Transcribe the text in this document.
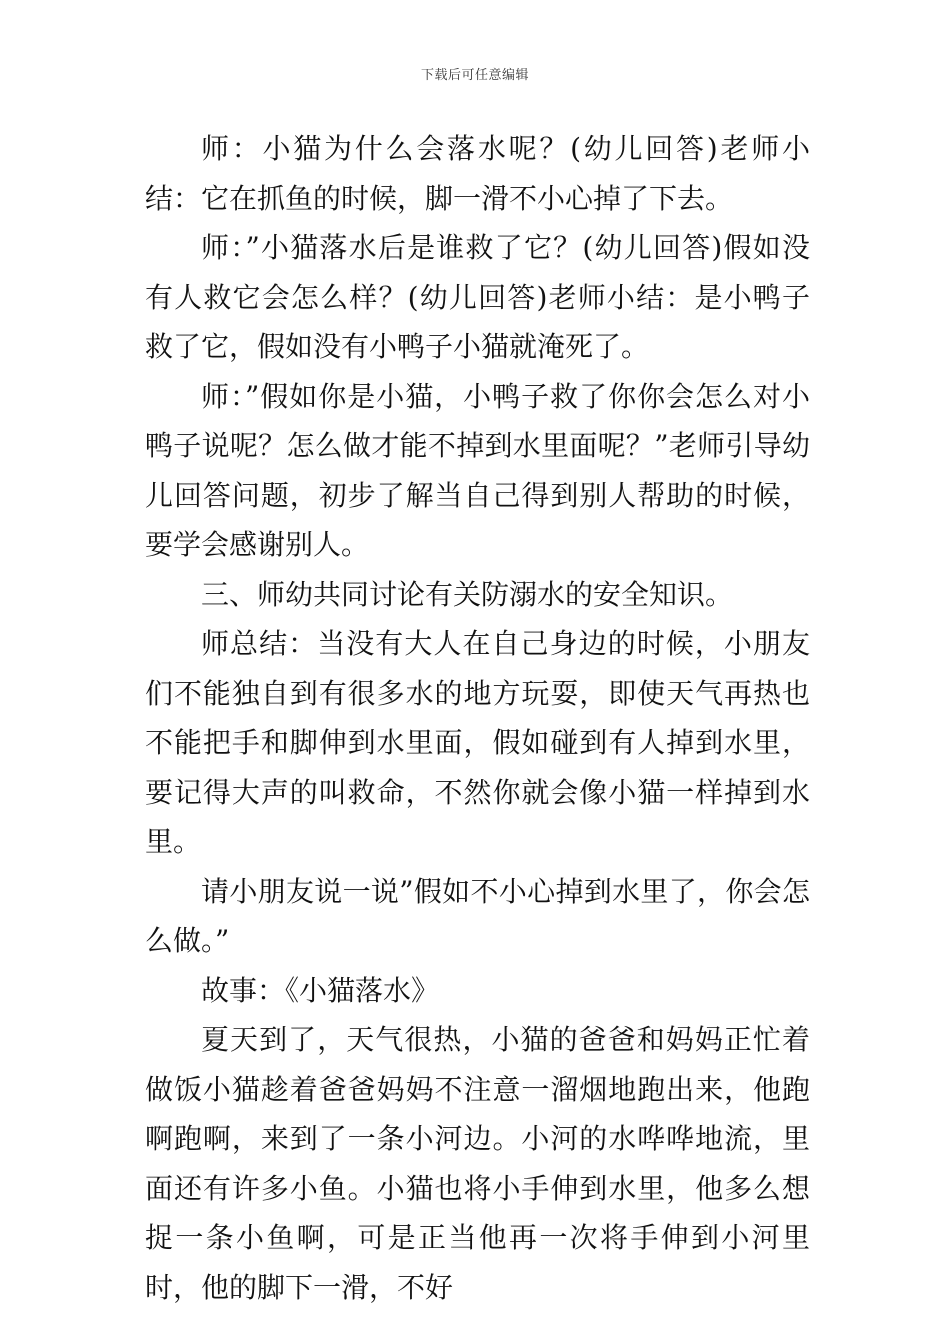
下载后可任意编辑

师：小猫为什么会落水呢？(幼儿回答)老师小结：它在抓鱼的时候，脚一滑不小心掉了下去。

师：”小猫落水后是谁救了它？(幼儿回答)假如没有人救它会怎么样？(幼儿回答)老师小结：是小鸭子救了它，假如没有小鸭子小猫就淹死了。

师：”假如你是小猫，小鸭子救了你你会怎么对小鸭子说呢？怎么做才能不掉到水里面呢？”老师引导幼儿回答问题，初步了解当自己得到别人帮助的时候，要学会感谢别人。

三、师幼共同讨论有关防溺水的安全知识。

师总结：当没有大人在自己身边的时候，小朋友们不能独自到有很多水的地方玩耍，即使天气再热也不能把手和脚伸到水里面，假如碰到有人掉到水里，要记得大声的叫救命，不然你就会像小猫一样掉到水里。

请小朋友说一说”假如不小心掉到水里了，你会怎么做。”

故事：《小猫落水》

夏天到了，天气很热，小猫的爸爸和妈妈正忙着做饭小猫趁着爸爸妈妈不注意一溜烟地跑出来，他跑啊跑啊，来到了一条小河边。小河的水哗哗地流，里面还有许多小鱼。小猫也将小手伸到水里，他多么想捉一条小鱼啊，可是正当他再一次将手伸到小河里时，他的脚下一滑，不好
